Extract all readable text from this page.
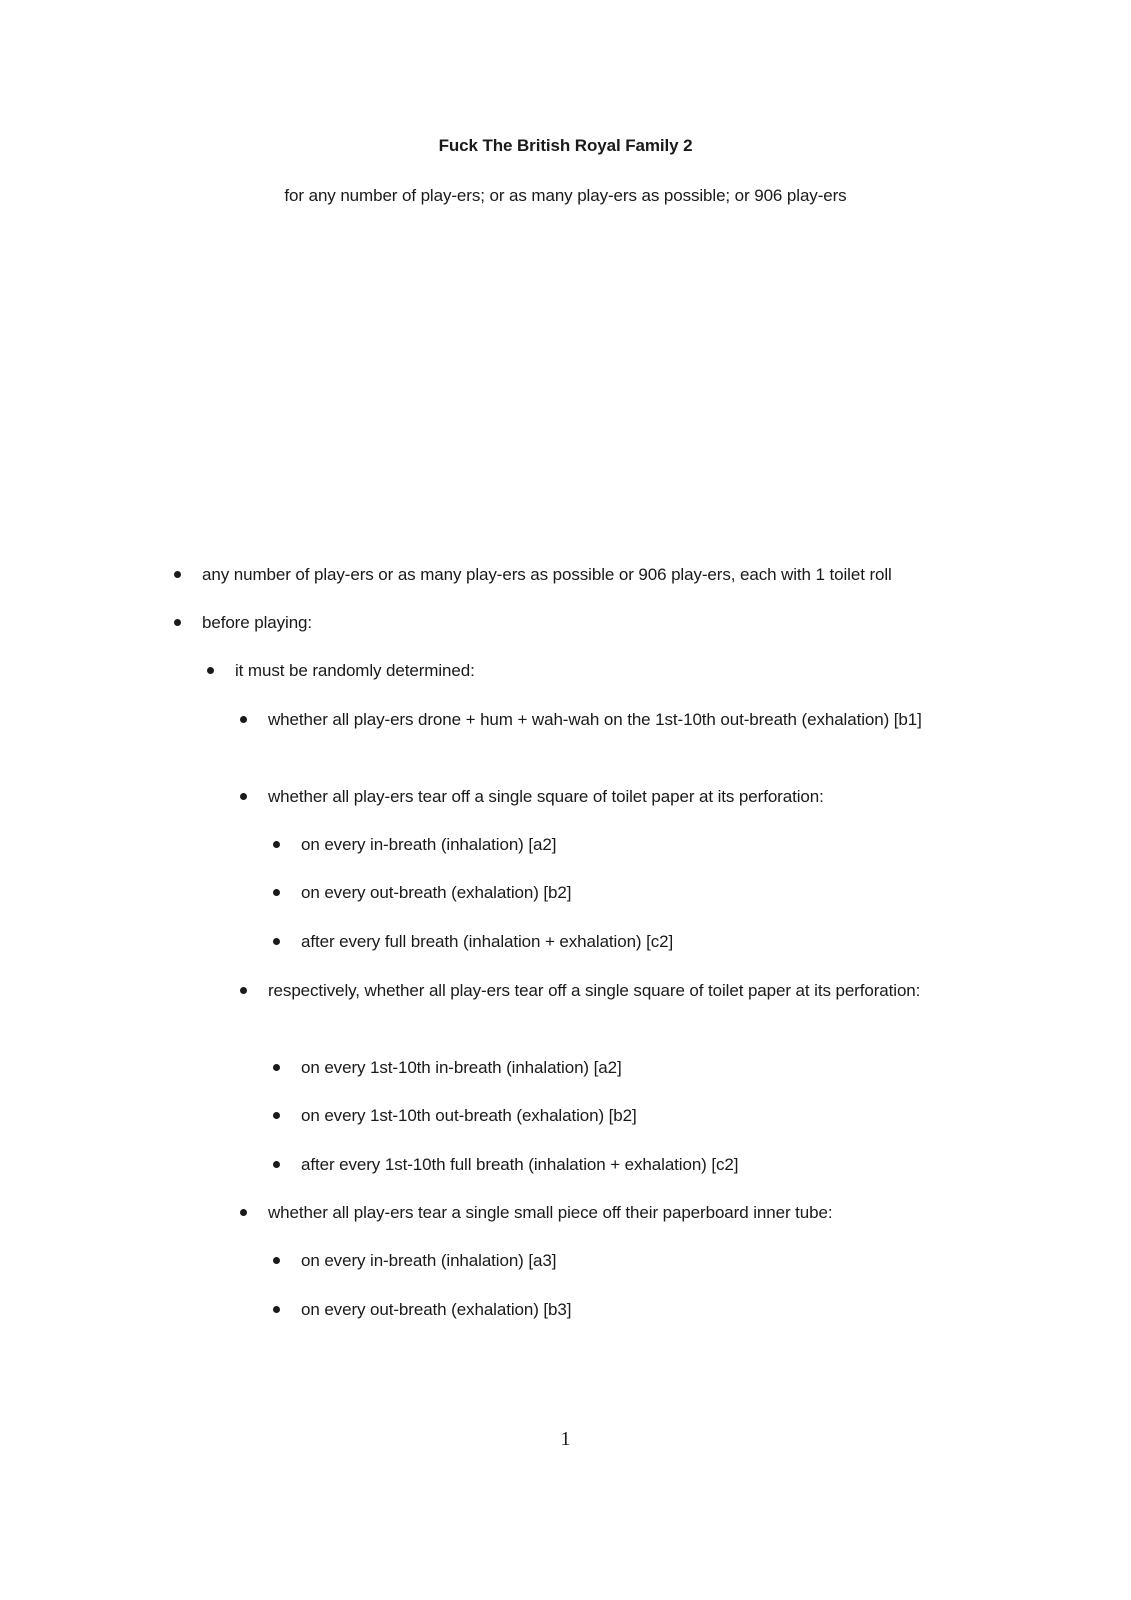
Fuck The British Royal Family 2
for any number of play-ers; or as many play-ers as possible; or 906 play-ers
any number of play-ers or as many play-ers as possible or 906 play-ers, each with 1 toilet roll
before playing:
it must be randomly determined:
whether all play-ers drone + hum + wah-wah on the 1st-10th out-breath (exhalation) [b1]
whether all play-ers tear off a single square of toilet paper at its perforation:
on every in-breath (inhalation) [a2]
on every out-breath (exhalation) [b2]
after every full breath (inhalation + exhalation) [c2]
respectively, whether all play-ers tear off a single square of toilet paper at its perforation:
on every 1st-10th in-breath (inhalation) [a2]
on every 1st-10th out-breath (exhalation) [b2]
after every 1st-10th full breath (inhalation + exhalation) [c2]
whether all play-ers tear a single small piece off their paperboard inner tube:
on every in-breath (inhalation) [a3]
on every out-breath (exhalation) [b3]
1
